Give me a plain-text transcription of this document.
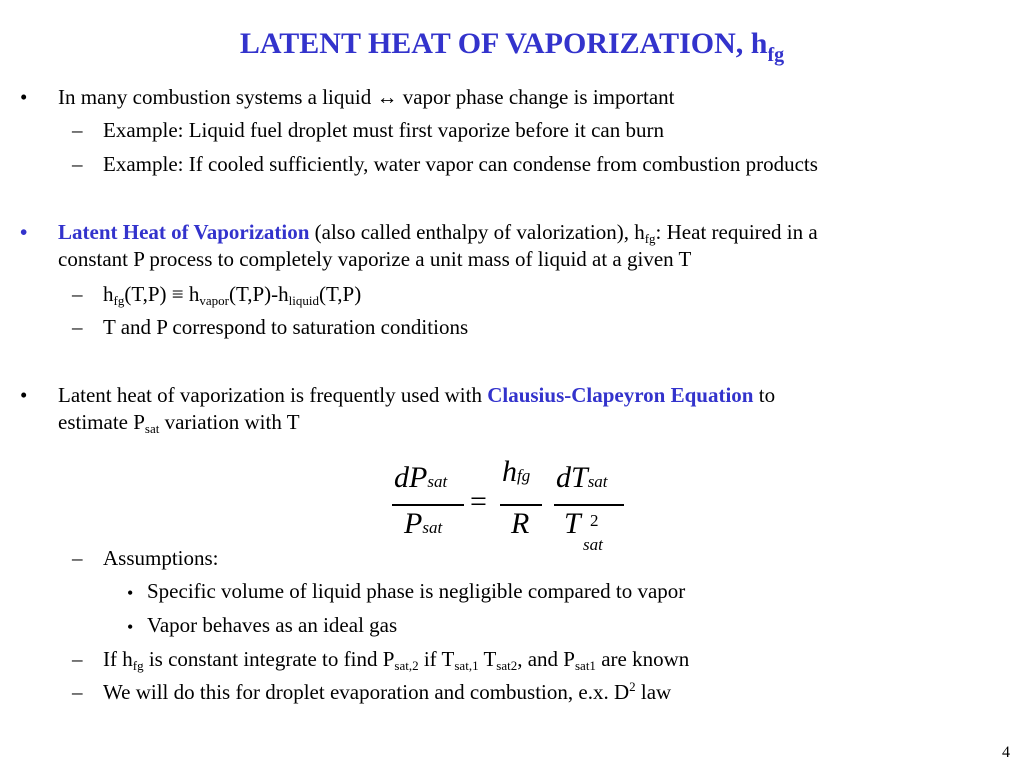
LATENT HEAT OF VAPORIZATION, $h_{fg}$
• In many combustion systems a liquid ↔ vapor phase change is important
– Example: Liquid fuel droplet must first vaporize before it can burn
– Example: If cooled sufficiently, water vapor can condense from combustion products
• Latent Heat of Vaporization (also called enthalpy of valorization), $h_{fg}$: Heat required in a
constant P process to completely vaporize a unit mass of liquid at a given T
– $h_{fg}(T,P) \equiv h_{vapor}(T,P)-h_{liquid}(T,P)$
– T and P correspond to saturation conditions
• Latent heat of vaporization is frequently used with Clausius-Clapeyron Equation to
estimate $P_{sat}$ variation with T
dPsat
Psat
=
hfg
R
dTsat
T 2
sat
– Assumptions:
• Specific volume of liquid phase is negligible compared to vapor
• Vapor behaves as an ideal gas
– If $h_{fg}$ is constant integrate to find $P_{sat,2}$ if $T_{sat,1}$ $T_{sat2}$, and $P_{sat1}$ are known
– We will do this for droplet evaporation and combustion, e.x. $D^2$ law
4
